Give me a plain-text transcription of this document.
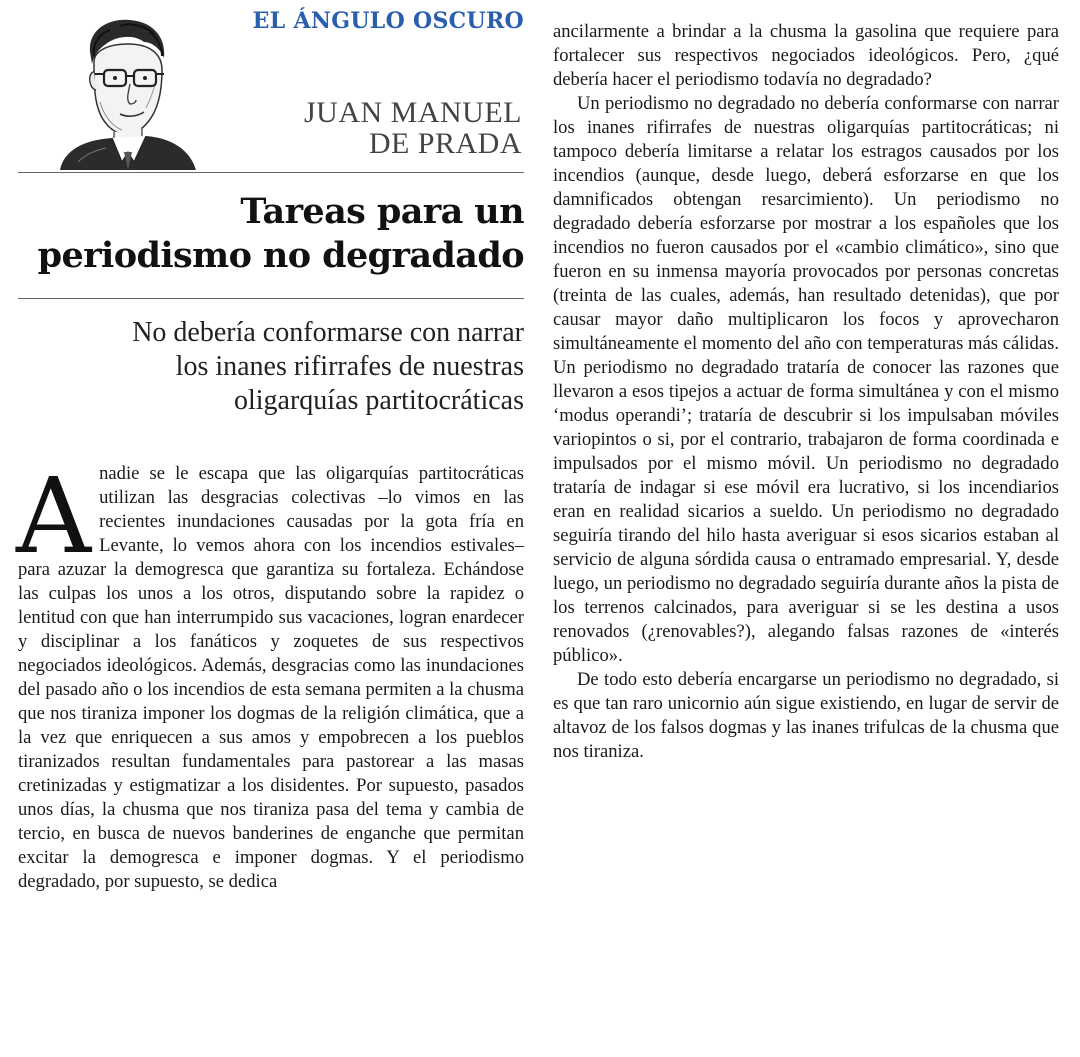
EL ÁNGULO OSCURO
JUAN MANUEL
DE PRADA
Tareas para un
periodismo no degradado
No debería conformarse con narrar
los inanes rifirrafes de nuestras
oligarquías partitocráticas

A nadie se le escapa que las oligarquías partitocráticas utilizan las desgracias colectivas –lo vimos en las recientes inundaciones causadas por la gota fría en Levante, lo vemos ahora con los incendios estivales– para azuzar la demogresca que garantiza su fortaleza. Echándose las culpas los unos a los otros, disputando sobre la rapidez o lentitud con que han interrumpido sus vacaciones, logran enardecer y disciplinar a los fanáticos y zoquetes de sus respectivos negociados ideológicos. Además, desgracias como las inundaciones del pasado año o los incendios de esta semana permiten a la chusma que nos tiraniza imponer los dogmas de la religión climática, que a la vez que enriquecen a sus amos y empobrecen a los pueblos tiranizados resultan fundamentales para pastorear a las masas cretinizadas y estigmatizar a los disidentes. Por supuesto, pasados unos días, la chusma que nos tiraniza pasa del tema y cambia de tercio, en busca de nuevos banderines de enganche que permitan excitar la demogresca e imponer dogmas. Y el periodismo degradado, por supuesto, se dedica

ancilarmente a brindar a la chusma la gasolina que requiere para fortalecer sus respectivos negociados ideológicos. Pero, ¿qué debería hacer el periodismo todavía no degradado?

Un periodismo no degradado no debería conformarse con narrar los inanes rifirrafes de nuestras oligarquías partitocráticas; ni tampoco debería limitarse a relatar los estragos causados por los incendios (aunque, desde luego, deberá esforzarse en que los damnificados obtengan resarcimiento). Un periodismo no degradado debería esforzarse por mostrar a los españoles que los incendios no fueron causados por el «cambio climático», sino que fueron en su inmensa mayoría provocados por personas concretas (treinta de las cuales, además, han resultado detenidas), que por causar mayor daño multiplicaron los focos y aprovecharon simultáneamente el momento del año con temperaturas más cálidas. Un periodismo no degradado trataría de conocer las razones que llevaron a esos tipejos a actuar de forma simultánea y con el mismo ‘modus operandi’; trataría de descubrir si los impulsaban móviles variopintos o si, por el contrario, trabajaron de forma coordinada e impulsados por el mismo móvil. Un periodismo no degradado trataría de indagar si ese móvil era lucrativo, si los incendiarios eran en realidad sicarios a sueldo. Un periodismo no degradado seguiría tirando del hilo hasta averiguar si esos sicarios estaban al servicio de alguna sórdida causa o entramado empresarial. Y, desde luego, un periodismo no degradado seguiría durante años la pista de los terrenos calcinados, para averiguar si se les destina a usos renovados (¿renovables?), alegando falsas razones de «interés público».

De todo esto debería encargarse un periodismo no degradado, si es que tan raro unicornio aún sigue existiendo, en lugar de servir de altavoz de los falsos dogmas y las inanes trifulcas de la chusma que nos tiraniza.
